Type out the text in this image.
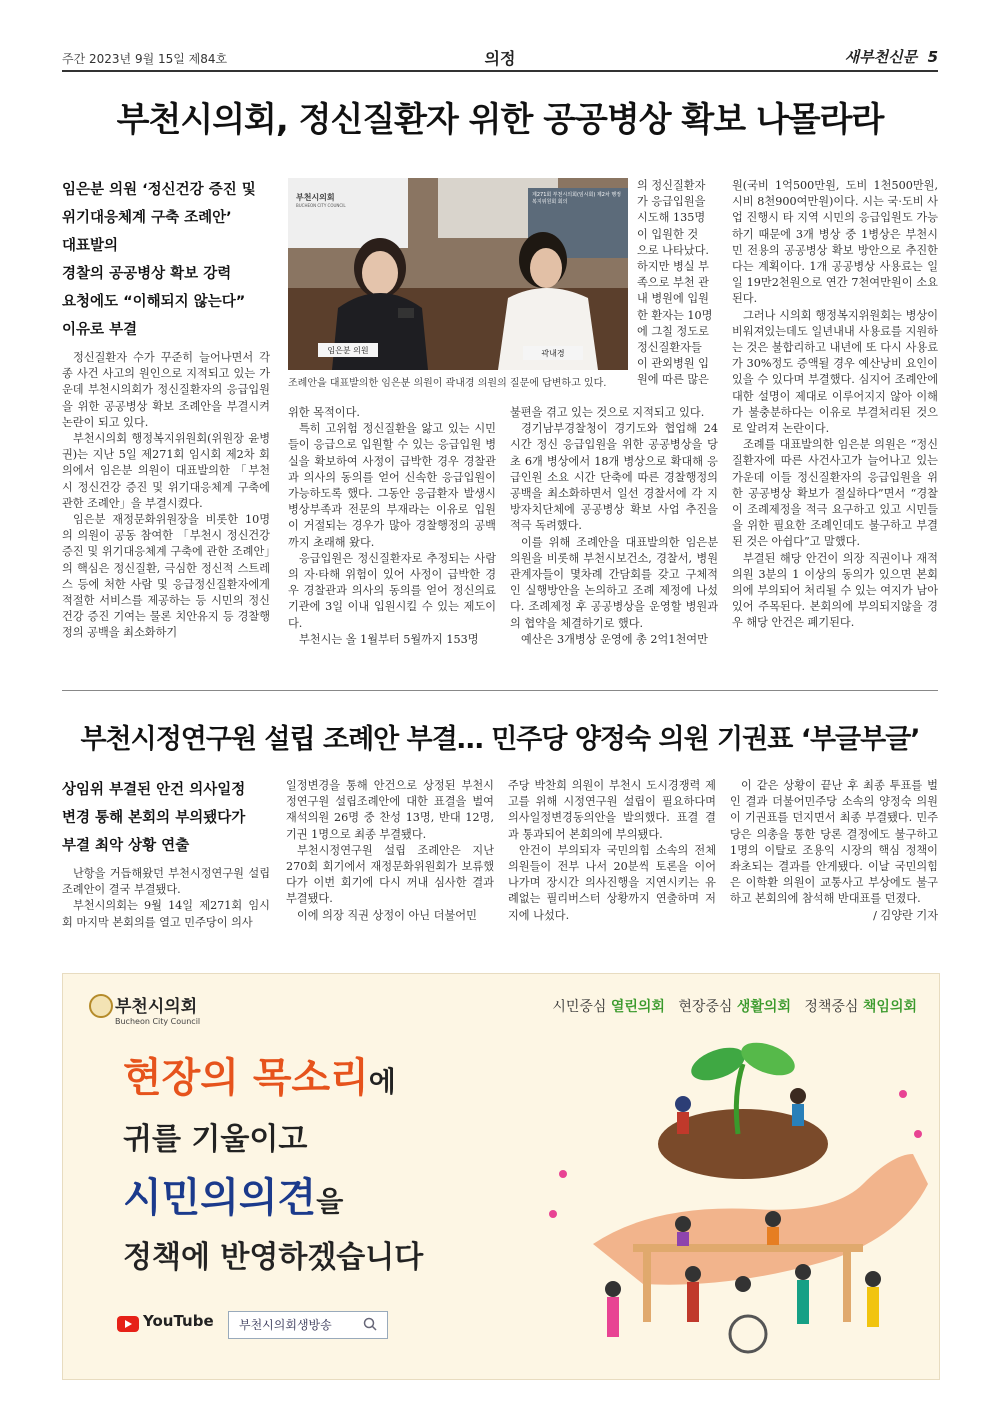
주간 2023년 9월 15일 제84호	의정	새부천신문 5
부천시의회, 정신질환자 위한 공공병상 확보 나몰라라
임은분 의원 ‘정신건강 증진 및
위기대응체계 구축 조례안’
대표발의
경찰의 공공병상 확보 강력
요청에도 “이해되지 않는다”
이유로 부결

정신질환자 수가 꾸준히 늘어나면서 각종 사건 사고의 원인으로 지적되고 있는 가운데 부천시의회가 정신질환자의 응급입원을 위한 공공병상 확보 조례안을 부결시켜 논란이 되고 있다.

부천시의회 행정복지위원회(위원장 윤병권)는 지난 5일 제271회 임시회 제2차 회의에서 임은분 의원이 대표발의한 「부천시 정신건강 증진 및 위기대응체계 구축에 관한 조례안」을 부결시켰다.

임은분 재정문화위원장을 비롯한 10명의 의원이 공동 참여한 「부천시 정신건강 증진 및 위기대응체계 구축에 관한 조례안」의 핵심은 정신질환, 극심한 정신적 스트레스 등에 처한 사람 및 응급정신질환자에게 적절한 서비스를 제공하는 등 시민의 정신건강 증진 기여는 물론 치안유지 등 경찰행정의 공백을 최소화하기

부천시의회
BUCHEON CITY COUNCIL
제271회 부천시의회(임시회) 제2차 행정복지위원회 회의
임은분 의원	곽내경
조례안을 대표발의한 임은분 의원이 곽내경 의원의 질문에 답변하고 있다.

위한 목적이다.

특히 고위험 정신질환을 앓고 있는 시민들이 응급으로 입원할 수 있는 응급입원 병실을 확보하여 사정이 급박한 경우 경찰관과 의사의 동의를 얻어 신속한 응급입원이 가능하도록 했다. 그동안 응급환자 발생시 병상부족과 전문의 부재라는 이유로 입원이 거절되는 경우가 많아 경찰행정의 공백까지 초래해 왔다.

응급입원은 정신질환자로 추정되는 사람의 자·타해 위험이 있어 사정이 급박한 경우 경찰관과 의사의 동의를 얻어 정신의료 기관에 3일 이내 입원시킬 수 있는 제도이다.

부천시는 올 1월부터 5월까지 153명

의 정신질환자
가 응급입원을
시도해 135명
이 입원한 것
으로 나타났다.
하지만 병실 부
족으로 부천 관
내 병원에 입원
한 환자는 10명
에 그칠 정도로
정신질환자들
이 관외병원 입
원에 따른 많은

불편을 겪고 있는 것으로 지적되고 있다.

경기남부경찰청이 경기도와 협업해 24시간 정신 응급입원을 위한 공공병상을 당초 6개 병상에서 18개 병상으로 확대해 응급인원 소요 시간 단축에 따른 경찰행정의 공백을 최소화하면서 일선 경찰서에 각 지방자치단체에 공공병상 확보 사업 추진을 적극 독려했다.

이를 위해 조례안을 대표발의한 임은분 의원을 비롯해 부천시보건소, 경찰서, 병원 관계자들이 몇차례 간담회를 갖고 구체적인 실행방안을 논의하고 조례 제정에 나섰다. 조례제정 후 공공병상을 운영할 병원과의 협약을 체결하기로 했다.

예산은 3개병상 운영에 총 2억1천여만

원(국비 1억500만원, 도비 1천500만원, 시비 8천900여만원)이다. 시는 국·도비 사업 진행시 타 지역 시민의 응급입원도 가능하기 때문에 3개 병상 중 1병상은 부천시민 전용의 공공병상 확보 방안으로 추진한다는 계획이다. 1개 공공병상 사용료는 일일 19만2천원으로 연간 7천여만원이 소요된다.

그러나 시의회 행정복지위원회는 병상이 비워져있는데도 일년내내 사용료를 지원하는 것은 불합리하고 내년에 또 다시 사용료가 30%정도 증액될 경우 예산낭비 요인이 있을 수 있다며 부결했다. 심지어 조례안에 대한 설명이 제대로 이루어지지 않아 이해가 불충분하다는 이유로 부결처리된 것으로 알려져 논란이다.

조례를 대표발의한 임은분 의원은 “정신질환자에 따른 사건사고가 늘어나고 있는 가운데 이들 정신질환자의 응급입원을 위한 공공병상 확보가 절실하다”면서 “경찰이 조례제정을 적극 요구하고 있고 시민들을 위한 필요한 조례인데도 불구하고 부결된 것은 아쉽다”고 말했다.

부결된 해당 안건이 의장 직권이나 재적의원 3분의 1 이상의 동의가 있으면 본회의에 부의되어 처리될 수 있는 여지가 남아있어 주목된다. 본회의에 부의되지않을 경우 해당 안건은 폐기된다.

부천시정연구원 설립 조례안 부결… 민주당 양정숙 의원 기권표 ‘부글부글’
상임위 부결된 안건 의사일정
변경 통해 본회의 부의됐다가
부결 최악 상황 연출

난항을 거듭해왔던 부천시정연구원 설립 조례안이 결국 부결됐다.

부천시의회는 9월 14일 제271회 임시회 마지막 본회의를 열고 민주당이 의사

일정변경을 통해 안건으로 상정된 부천시정연구원 설립조례안에 대한 표결을 벌여 재석의원 26명 중 찬성 13명, 반대 12명, 기권 1명으로 최종 부결됐다.

부천시정연구원 설립 조례안은 지난 270회 회기에서 재정문화위원회가 보류했다가 이번 회기에 다시 꺼내 심사한 결과 부결됐다.

이에 의장 직권 상정이 아닌 더불어민

주당 박찬희 의원이 부천시 도시경쟁력 제고를 위해 시정연구원 설립이 필요하다며 의사일정변경동의안을 발의했다. 표결 결과 통과되어 본회의에 부의됐다.

안건이 부의되자 국민의힘 소속의 전체 의원들이 전부 나서 20분씩 토론을 이어 나가며 장시간 의사진행을 지연시키는 유례없는 필리버스터 상황까지 연출하며 저지에 나섰다.

이 같은 상황이 끝난 후 최종 투표를 벌인 결과 더불어민주당 소속의 양정숙 의원이 기권표를 던지면서 최종 부결됐다. 민주당은 의총을 통한 당론 결정에도 불구하고 1명의 이탈로 조용익 시장의 핵심 정책이 좌초되는 결과를 안게됐다. 이날 국민의힘은 이학환 의원이 교통사고 부상에도 불구하고 본회의에 참석해 반대표를 던졌다.

/ 김양란 기자
부천시의회
Bucheon City Council
시민중심 열린의회 현장중심 생활의회 정책중심 책임의회
현장의 목소리에
귀를 기울이고
시민의의견을
정책에 반영하겠습니다
YouTube 부천시의회생방송
